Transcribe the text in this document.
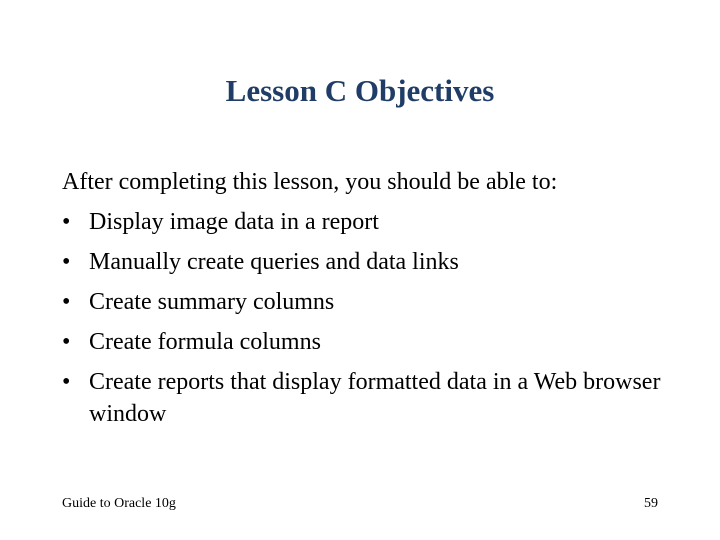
Lesson C Objectives

After completing this lesson, you should be able to:

• Display image data in a report
• Manually create queries and data links
• Create summary columns
• Create formula columns
• Create reports that display formatted data in a Web browser window
Guide to Oracle 10g	59
